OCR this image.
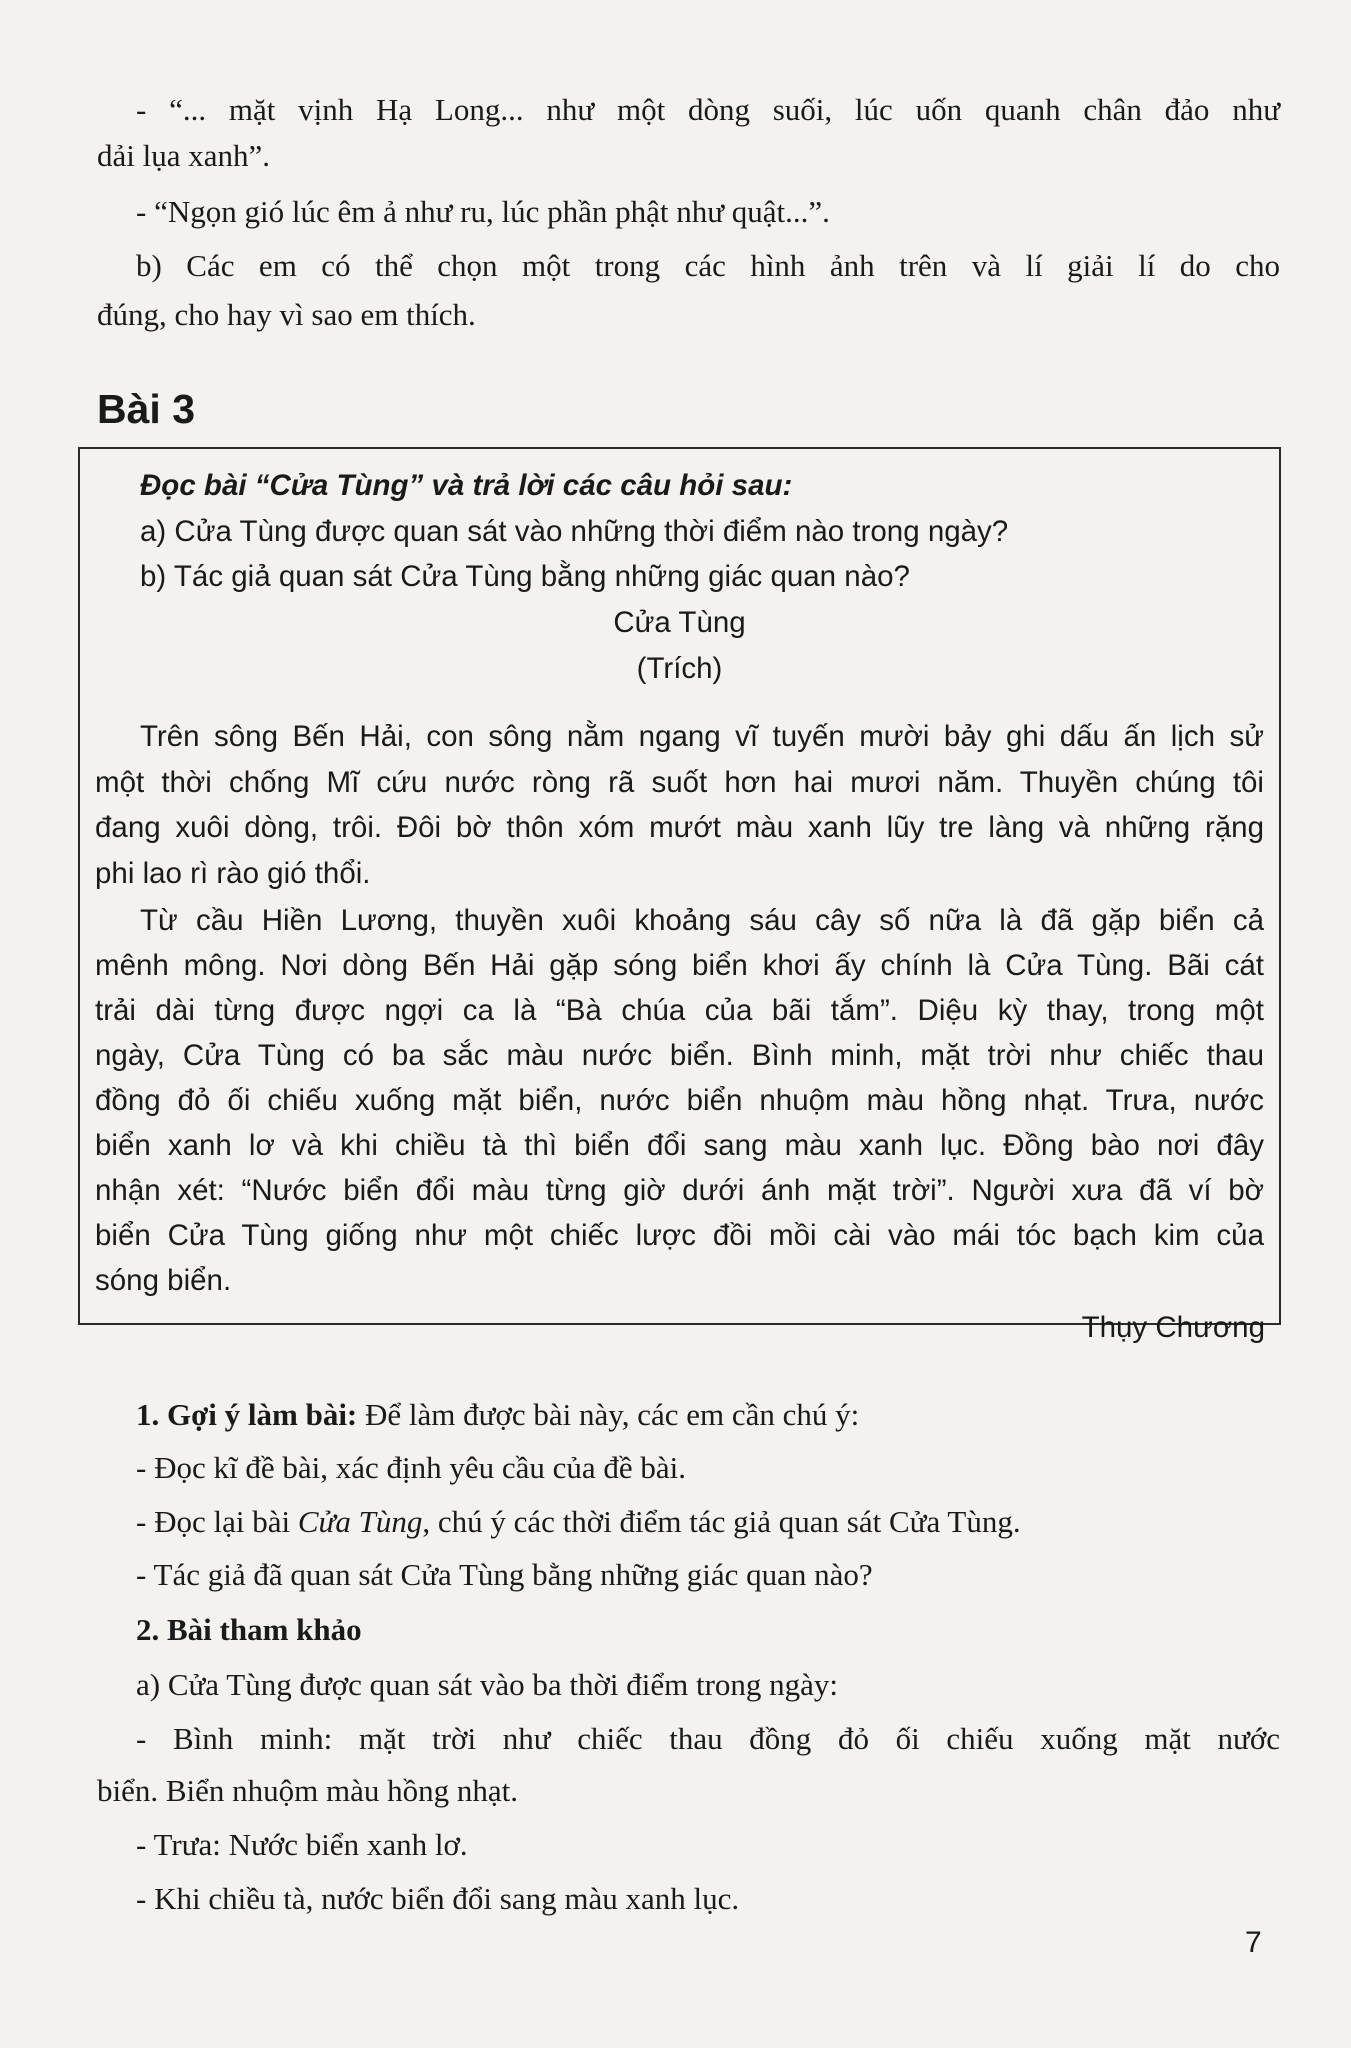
- “... mặt vịnh Hạ Long... như một dòng suối, lúc uốn quanh chân đảo như
dải lụa xanh”.
- “Ngọn gió lúc êm ả như ru, lúc phần phật như quật...”.
b) Các em có thể chọn một trong các hình ảnh trên và lí giải lí do cho
đúng, cho hay vì sao em thích.
Bài 3
Đọc bài “Cửa Tùng” và trả lời các câu hỏi sau:
a) Cửa Tùng được quan sát vào những thời điểm nào trong ngày?
b) Tác giả quan sát Cửa Tùng bằng những giác quan nào?
Cửa Tùng
(Trích)
Trên sông Bến Hải, con sông nằm ngang vĩ tuyến mười bảy ghi dấu ấn lịch sử
một thời chống Mĩ cứu nước ròng rã suốt hơn hai mươi năm. Thuyền chúng tôi
đang xuôi dòng, trôi. Đôi bờ thôn xóm mướt màu xanh lũy tre làng và những rặng
phi lao rì rào gió thổi.
Từ cầu Hiền Lương, thuyền xuôi khoảng sáu cây số nữa là đã gặp biển cả
mênh mông. Nơi dòng Bến Hải gặp sóng biển khơi ấy chính là Cửa Tùng. Bãi cát
trải dài từng được ngợi ca là “Bà chúa của bãi tắm”. Diệu kỳ thay, trong một
ngày, Cửa Tùng có ba sắc màu nước biển. Bình minh, mặt trời như chiếc thau
đồng đỏ ối chiếu xuống mặt biển, nước biển nhuộm màu hồng nhạt. Trưa, nước
biển xanh lơ và khi chiều tà thì biển đổi sang màu xanh lục. Đồng bào nơi đây
nhận xét: “Nước biển đổi màu từng giờ dưới ánh mặt trời”. Người xưa đã ví bờ
biển Cửa Tùng giống như một chiếc lược đồi mồi cài vào mái tóc bạch kim của
sóng biển.
Thụy Chương
1. Gợi ý làm bài: Để làm được bài này, các em cần chú ý:
- Đọc kĩ đề bài, xác định yêu cầu của đề bài.
- Đọc lại bài Cửa Tùng, chú ý các thời điểm tác giả quan sát Cửa Tùng.
- Tác giả đã quan sát Cửa Tùng bằng những giác quan nào?
2. Bài tham khảo
a) Cửa Tùng được quan sát vào ba thời điểm trong ngày:
- Bình minh: mặt trời như chiếc thau đồng đỏ ối chiếu xuống mặt nước
biển. Biển nhuộm màu hồng nhạt.
- Trưa: Nước biển xanh lơ.
- Khi chiều tà, nước biển đổi sang màu xanh lục.
7
